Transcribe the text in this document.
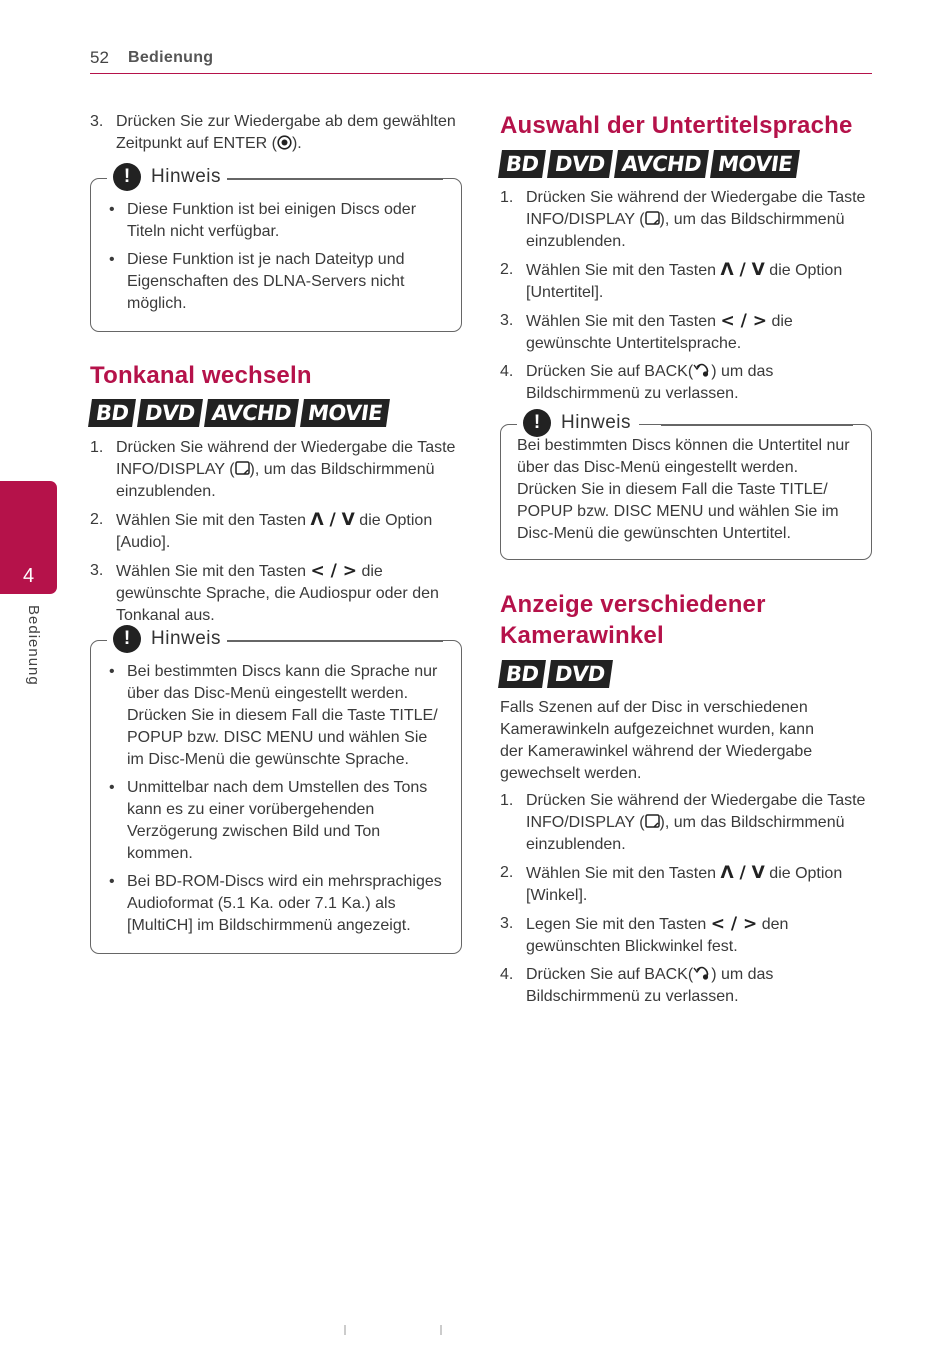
52 Bedienung
4
Bedienung
3. Drücken Sie zur Wiedergabe ab dem gewählten Zeitpunkt auf ENTER ( ).
!	Hinweis
• Diese Funktion ist bei einigen Discs oder Titeln nicht verfügbar.
• Diese Funktion ist je nach Dateityp und Eigenschaften des DLNA-Servers nicht möglich.
Tonkanal wechseln
BD DVD AVCHD MOVIE
1. Drücken Sie während der Wiedergabe die Taste INFO/DISPLAY ( ), um das Bildschirmmenü einzublenden.
2. Wählen Sie mit den Tasten Λ / V die Option [Audio].
3. Wählen Sie mit den Tasten < / > die gewünschte Sprache, die Audiospur oder den Tonkanal aus.
!	Hinweis
• Bei bestimmten Discs kann die Sprache nur über das Disc-Menü eingestellt werden. Drücken Sie in diesem Fall die Taste TITLE/ POPUP bzw. DISC MENU und wählen Sie im Disc-Menü die gewünschte Sprache.
• Unmittelbar nach dem Umstellen des Tons kann es zu einer vorübergehenden Verzögerung zwischen Bild und Ton kommen.
• Bei BD-ROM-Discs wird ein mehrsprachiges Audioformat (5.1 Ka. oder 7.1 Ka.) als [MultiCH] im Bildschirmmenü angezeigt.
Auswahl der Untertitelsprache
BD DVD AVCHD MOVIE
1. Drücken Sie während der Wiedergabe die Taste INFO/DISPLAY ( ), um das Bildschirmmenü einzublenden.
2. Wählen Sie mit den Tasten Λ / V die Option [Untertitel].
3. Wählen Sie mit den Tasten < / > die gewünschte Untertitelsprache.
4. Drücken Sie auf BACK( ) um das Bildschirmmenü zu verlassen.
!	Hinweis

Bei bestimmten Discs können die Untertitel nur über das Disc-Menü eingestellt werden. Drücken Sie in diesem Fall die Taste TITLE/ POPUP bzw. DISC MENU und wählen Sie im Disc-Menü die gewünschten Untertitel.

Anzeige verschiedener
Kamerawinkel
BD DVD
Falls Szenen auf der Disc in verschiedenen Kamerawinkeln aufgezeichnet wurden, kann der Kamerawinkel während der Wiedergabe gewechselt werden.
1. Drücken Sie während der Wiedergabe die Taste INFO/DISPLAY ( ), um das Bildschirmmenü einzublenden.
2. Wählen Sie mit den Tasten Λ / V die Option [Winkel].
3. Legen Sie mit den Tasten < / > den gewünschten Blickwinkel fest.
4. Drücken Sie auf BACK( ) um das Bildschirmmenü zu verlassen.
